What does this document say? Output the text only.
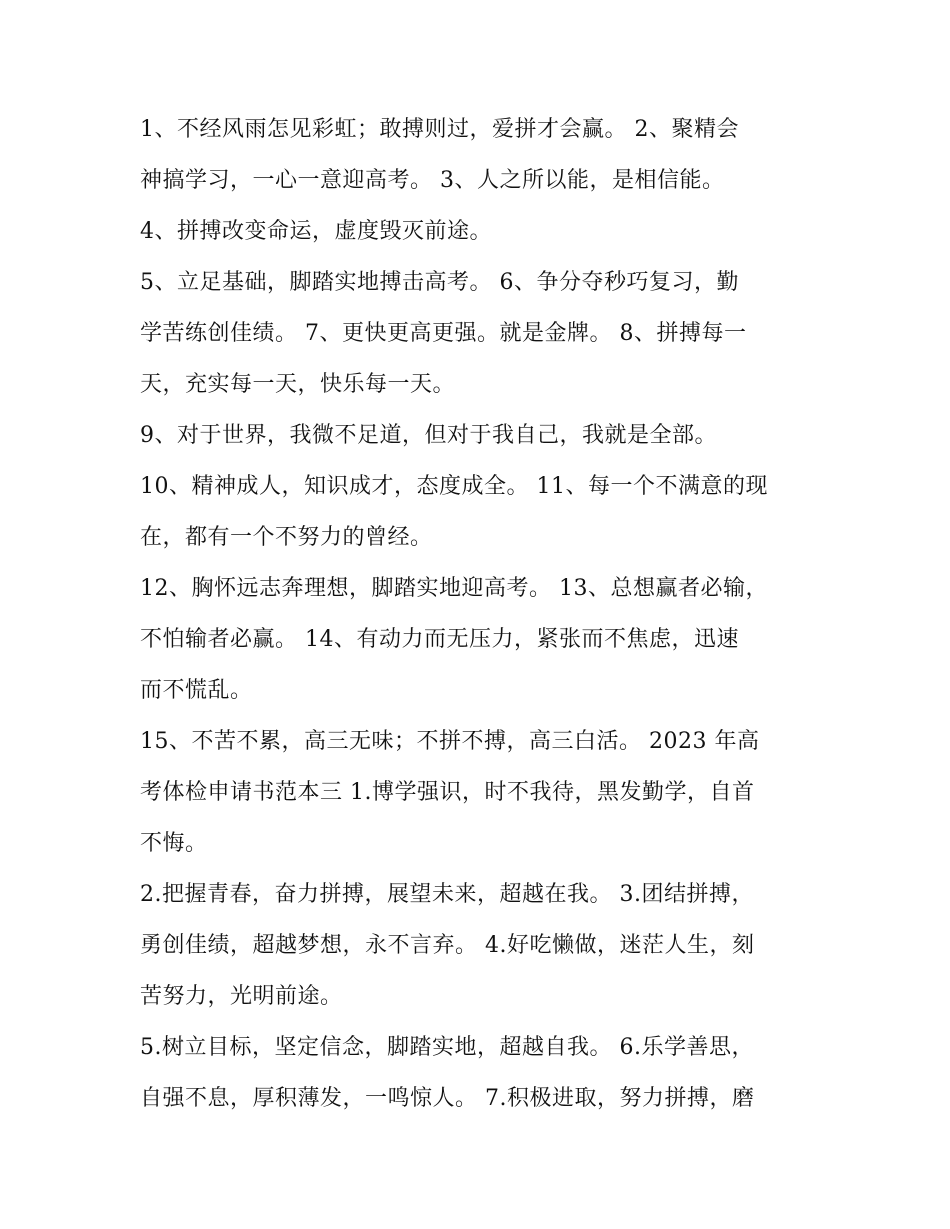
1、不经风雨怎见彩虹；敢搏则过，爱拼才会赢。 2、聚精会
神搞学习，一心一意迎高考。 3、人之所以能，是相信能。
4、拼搏改变命运，虚度毁灭前途。
5、立足基础，脚踏实地搏击高考。 6、争分夺秒巧复习，勤
学苦练创佳绩。 7、更快更高更强。就是金牌。 8、拼搏每一
天，充实每一天，快乐每一天。
9、对于世界，我微不足道，但对于我自己，我就是全部。
10、精神成人，知识成才，态度成全。 11、每一个不满意的现
在，都有一个不努力的曾经。
12、胸怀远志奔理想，脚踏实地迎高考。 13、总想赢者必输，
不怕输者必赢。 14、有动力而无压力，紧张而不焦虑，迅速
而不慌乱。
15、不苦不累，高三无味；不拼不搏，高三白活。 2023 年高
考体检申请书范本三 1.博学强识，时不我待，黑发勤学，自首
不悔。
2.把握青春，奋力拼搏，展望未来，超越在我。 3.团结拼搏，
勇创佳绩，超越梦想，永不言弃。 4.好吃懒做，迷茫人生，刻
苦努力，光明前途。
5.树立目标，坚定信念，脚踏实地，超越自我。 6.乐学善思，
自强不息，厚积薄发，一鸣惊人。 7.积极进取，努力拼搏，磨
